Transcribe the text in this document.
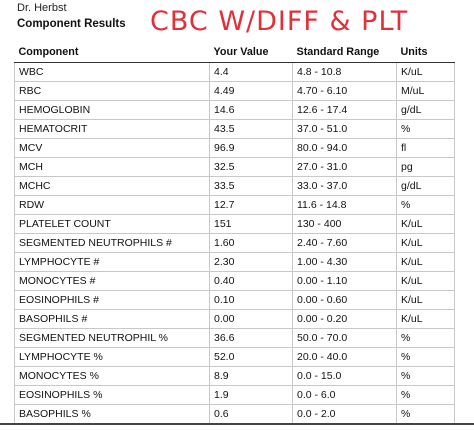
Dr. Herbst
Component Results CBC W/DIFF & PLT
Component	Your Value	Standard Range	Units
WBC	4.4	4.8 - 10.8	K/uL
RBC	4.49	4.70 - 6.10	M/uL
HEMOGLOBIN	14.6	12.6 - 17.4	g/dL
HEMATOCRIT	43.5	37.0 - 51.0	%
MCV	96.9	80.0 - 94.0	fl
MCH	32.5	27.0 - 31.0	pg
MCHC	33.5	33.0 - 37.0	g/dL
RDW	12.7	11.6 - 14.8	%
PLATELET COUNT	151	130 - 400	K/uL
SEGMENTED NEUTROPHILS #	1.60	2.40 - 7.60	K/uL
LYMPHOCYTE #	2.30	1.00 - 4.30	K/uL
MONOCYTES #	0.40	0.00 - 1.10	K/uL
EOSINOPHILS #	0.10	0.00 - 0.60	K/uL
BASOPHILS #	0.00	0.00 - 0.20	K/uL
SEGMENTED NEUTROPHIL %	36.6	50.0 - 70.0	%
LYMPHOCYTE %	52.0	20.0 - 40.0	%
MONOCYTES %	8.9	0.0 - 15.0	%
EOSINOPHILS %	1.9	0.0 - 6.0	%
BASOPHILS %	0.6	0.0 - 2.0	%
